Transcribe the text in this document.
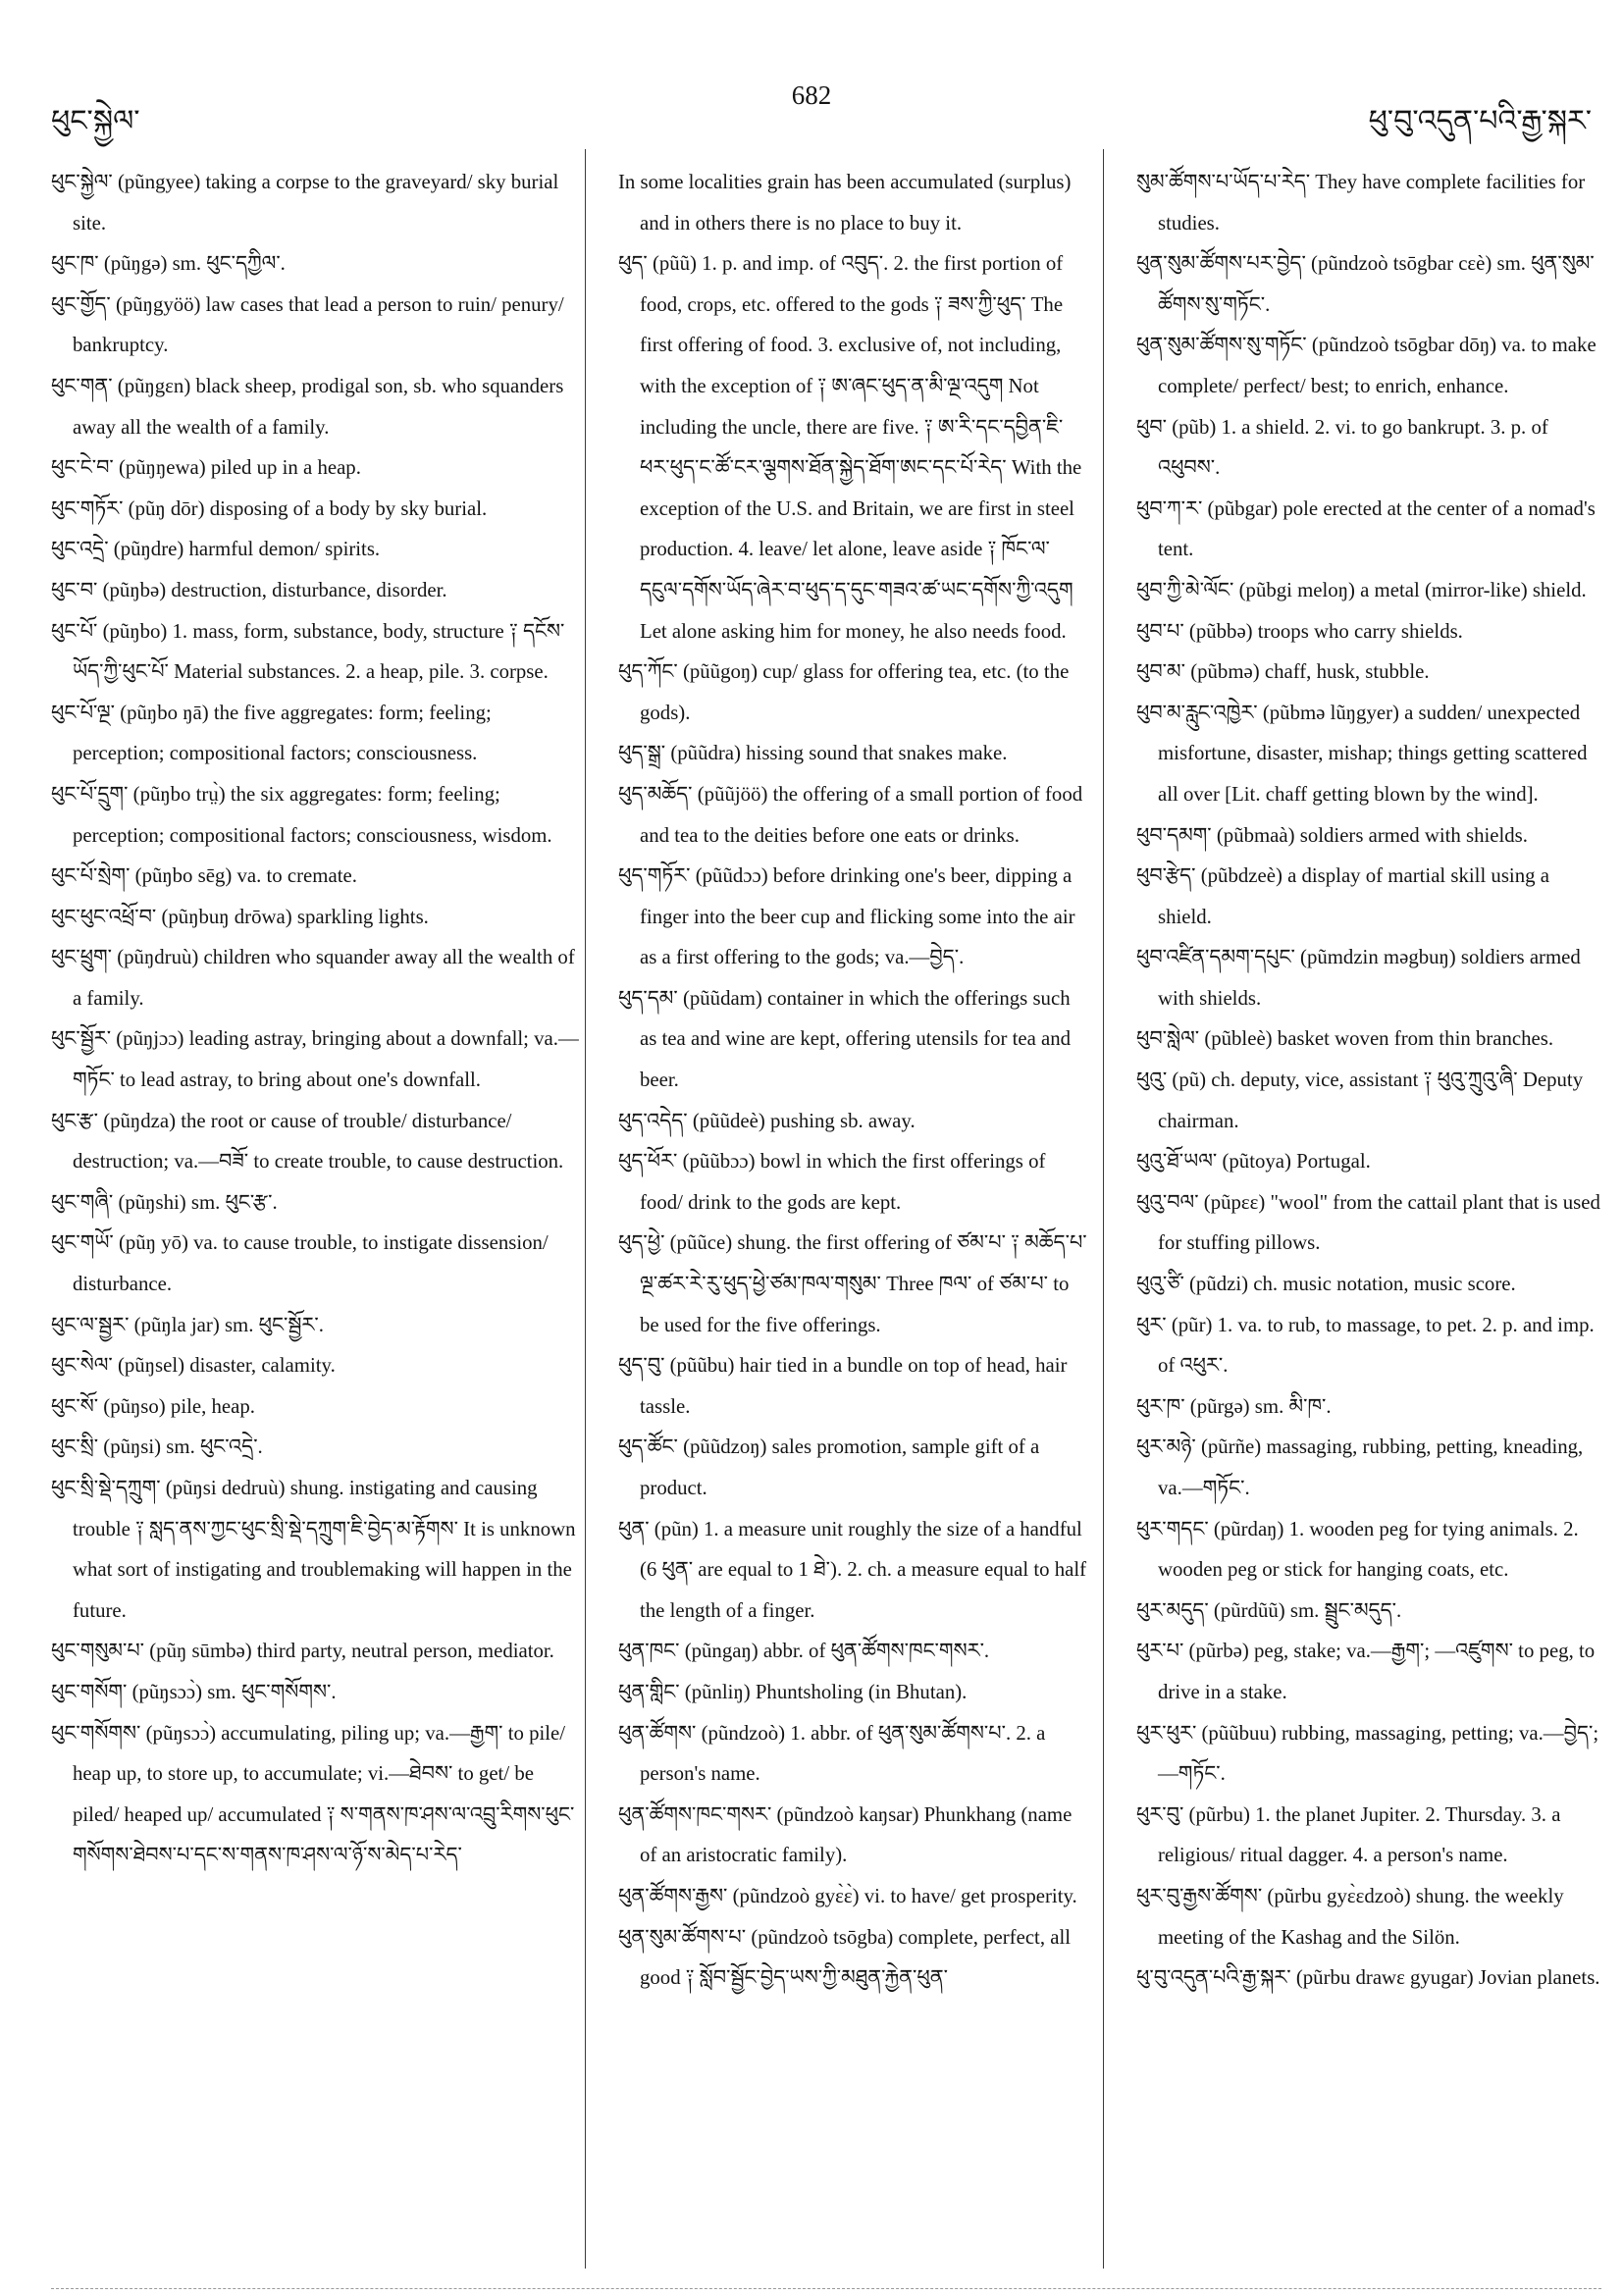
ཕུང་སྐྱེལ་
682
ཕུ་བུ་འདུན་པའི་རྒྱ་སྐར་

ཕུང་སྐྱེལ་ (pũngyee) taking a corpse to the graveyard/ sky burial site.

ཕུང་ཁ་ (pũŋgə) sm. ཕུང་དཀྱིལ་.

ཕུང་གྱོད་ (pũŋgyöö) law cases that lead a person to ruin/ penury/ bankruptcy.

ཕུང་གན་ (pũŋgɛn) black sheep, prodigal son, sb. who squanders away all the wealth of a family.

ཕུང་ངེ་བ་ (pũŋŋewa) piled up in a heap.

ཕུང་གཏོར་ (pũŋ dōr) disposing of a body by sky burial.

ཕུང་འདྲེ་ (pũŋdre) harmful demon/ spirits.

ཕུང་བ་ (pũŋbə) destruction, disturbance, disorder.

ཕུང་པོ་ (pũŋbo) 1. mass, form, substance, body, structure ༑ དངོས་ཡོད་ཀྱི་ཕུང་པོ་ Material substances. 2. a heap, pile. 3. corpse.

ཕུང་པོ་ལྔ་ (pũŋbo ŋā) the five aggregates: form; feeling; perception; compositional factors; consciousness.

ཕུང་པོ་དྲུག་ (pũŋbo trṳ̀) the six aggregates: form; feeling; perception; compositional factors; consciousness, wisdom.

ཕུང་པོ་སྲེག་ (pũŋbo sēg) va. to cremate.

ཕུང་ཕུང་འཕྲོ་བ་ (pũŋbuŋ drōwa) sparkling lights.

ཕུང་ཕྲུག་ (pũŋdruù) children who squander away all the wealth of a family.

ཕུང་སྦྱོར་ (pũŋjɔɔ) leading astray, bringing about a downfall; va.—གཏོང་ to lead astray, to bring about one's downfall.

ཕུང་རྩ་ (pũŋdza) the root or cause of trouble/ disturbance/ destruction; va.—བཟོ་ to create trouble, to cause destruction.

ཕུང་གཞི་ (pũŋshi) sm. ཕུང་རྩ་.

ཕུང་གཡོ་ (pũŋ yō) va. to cause trouble, to instigate dissension/ disturbance.

ཕུང་ལ་སྦྱར་ (pũŋla jar) sm. ཕུང་སྦྱོར་.

ཕུང་སེལ་ (pũŋsel) disaster, calamity.

ཕུང་སོ་ (pũŋso) pile, heap.

ཕུང་སྲི་ (pũŋsi) sm. ཕུང་འདྲེ་.

ཕུང་སྲི་སྡེ་དཀྲུག་ (pũŋsi dedruù) shung. instigating and causing trouble ༑ སླད་ནས་ཀྱང་ཕུང་སྲི་སྡེ་དཀྲུག་ཇི་བྱེད་མ་རྟོགས་ It is unknown what sort of instigating and troublemaking will happen in the future.

ཕུང་གསུམ་པ་ (pũŋ sūmbə) third party, neutral person, mediator.

ཕུང་གསོག་ (pũŋsɔɔ̀) sm. ཕུང་གསོགས་.

ཕུང་གསོགས་ (pũŋsɔɔ̀) accumulating, piling up; va.—རྒྱག་ to pile/ heap up, to store up, to accumulate; vi.—ཐེབས་ to get/ be piled/ heaped up/ accumulated ༑ ས་གནས་ཁ་ཤས་ལ་འབྲུ་རིགས་ཕུང་གསོགས་ཐེབས་པ་དང་ས་གནས་ཁ་ཤས་ལ་ཉོ་ས་མེད་པ་རེད་

In some localities grain has been accumulated (surplus) and in others there is no place to buy it.

ཕུད་ (pũũ) 1. p. and imp. of འབུད་. 2. the first portion of food, crops, etc. offered to the gods ༑ ཟས་ཀྱི་ཕུད་ The first offering of food. 3. exclusive of, not including, with the exception of ༑ ཨ་ཞང་ཕུད་ན་མི་ལྔ་འདུག Not including the uncle, there are five. ༑ ཨ་རི་དང་དབྱིན་ཇི་ཕར་ཕུད་ང་ཚོ་ངར་ལྕགས་ཐོན་སྐྱེད་ཐོག་ཨང་དང་པོ་རེད་ With the exception of the U.S. and Britain, we are first in steel production. 4. leave/ let alone, leave aside ༑ ཁོང་ལ་དངུལ་དགོས་ཡོད་ཞེར་བ་ཕུད་ད་དུང་གཟའ་ཚ་ཡང་དགོས་ཀྱི་འདུག Let alone asking him for money, he also needs food.

ཕུད་ཀོང་ (pũũgoŋ) cup/ glass for offering tea, etc. (to the gods).

ཕུད་སྒྲ་ (pũũdra) hissing sound that snakes make.

ཕུད་མཆོད་ (pũũjöö) the offering of a small portion of food and tea to the deities before one eats or drinks.

ཕུད་གཏོར་ (pũũdɔɔ) before drinking one's beer, dipping a finger into the beer cup and flicking some into the air as a first offering to the gods; va.—བྱེད་.

ཕུད་དམ་ (pũũdam) container in which the offerings such as tea and wine are kept, offering utensils for tea and beer.

ཕུད་འདེད་ (pũũdeè) pushing sb. away.

ཕུད་ཕོར་ (pũũbɔɔ) bowl in which the first offerings of food/ drink to the gods are kept.

ཕུད་ཕྱེ་ (pũũce) shung. the first offering of ཙམ་པ་ ༑ མཆོད་པ་ལྔ་ཚར་རེ་རུ་ཕུད་ཕྱེ་ཙམ་ཁལ་གསུམ་ Three ཁལ་ of ཙམ་པ་ to be used for the five offerings.

ཕུད་བུ་ (pũũbu) hair tied in a bundle on top of head, hair tassle.

ཕུད་ཚོང་ (pũũdzoŋ) sales promotion, sample gift of a product.

ཕུན་ (pũn) 1. a measure unit roughly the size of a handful (6 ཕུན་ are equal to 1 ཐེ་). 2. ch. a measure equal to half the length of a finger.

ཕུན་ཁང་ (pũngaŋ) abbr. of ཕུན་ཚོགས་ཁང་གསར་.

ཕུན་གླིང་ (pũnliŋ) Phuntsholing (in Bhutan).

ཕུན་ཚོགས་ (pũndzoò) 1. abbr. of ཕུན་སུམ་ཚོགས་པ་. 2. a person's name.

ཕུན་ཚོགས་ཁང་གསར་ (pũndzoò kaŋsar) Phunkhang (name of an aristocratic family).

ཕུན་ཚོགས་རྒྱས་ (pũndzoò gyɛ̀ɛ̀) vi. to have/ get prosperity.

ཕུན་སུམ་ཚོགས་པ་ (pũndzoò tsōgba) complete, perfect, all good ༑ སློབ་སྦྱོང་བྱེད་ཡས་ཀྱི་མཐུན་རྐྱེན་ཕུན་

སུམ་ཚོགས་པ་ཡོད་པ་རེད་ They have complete facilities for studies.

ཕུན་སུམ་ཚོགས་པར་བྱེད་ (pũndzoò tsōgbar cɛè) sm. ཕུན་སུམ་ཚོགས་སུ་གཏོང་.

ཕུན་སུམ་ཚོགས་སུ་གཏོང་ (pũndzoò tsōgbar dōŋ) va. to make complete/ perfect/ best; to enrich, enhance.

ཕུབ་ (pũb) 1. a shield. 2. vi. to go bankrupt. 3. p. of འཕུབས་.

ཕུབ་ཀ་ར་ (pũbgar) pole erected at the center of a nomad's tent.

ཕུབ་ཀྱི་མེ་ལོང་ (pũbgi meloŋ) a metal (mirror-like) shield.

ཕུབ་པ་ (pũbbə) troops who carry shields.

ཕུབ་མ་ (pũbmə) chaff, husk, stubble.

ཕུབ་མ་རླུང་འཁྱེར་ (pũbmə lũŋgyer) a sudden/ unexpected misfortune, disaster, mishap; things getting scattered all over [Lit. chaff getting blown by the wind].

ཕུབ་དམག་ (pũbmaà) soldiers armed with shields.

ཕུབ་རྩེད་ (pũbdzeè) a display of martial skill using a shield.

ཕུབ་འཛིན་དམག་དཔུང་ (pũmdzin məgbuŋ) soldiers armed with shields.

ཕུབ་སླེལ་ (pũbleè) basket woven from thin branches.

ཕུའུ་ (pũ) ch. deputy, vice, assistant ༑ ཕུའུ་ཀྲུའུ་ཞི་ Deputy chairman.

ཕུའུ་ཐོ་ཡལ་ (pũtoya) Portugal.

ཕུའུ་བལ་ (pũpɛɛ) "wool" from the cattail plant that is used for stuffing pillows.

ཕུའུ་ཙི་ (pũdzi) ch. music notation, music score.

ཕུར་ (pũr) 1. va. to rub, to massage, to pet. 2. p. and imp. of འཕུར་.

ཕུར་ཁ་ (pũrgə) sm. མི་ཁ་.

ཕུར་མཉེ་ (pũrñe) massaging, rubbing, petting, kneading, va.—གཏོང་.

ཕུར་གདང་ (pũrdaŋ) 1. wooden peg for tying animals. 2. wooden peg or stick for hanging coats, etc.

ཕུར་མདུད་ (pũrdũũ) sm. སྦྲུང་མདུད་.

ཕུར་པ་ (pũrbə) peg, stake; va.—རྒྱག་; —འཛུགས་ to peg, to drive in a stake.

ཕུར་ཕུར་ (pũũbuu) rubbing, massaging, petting; va.—བྱེད་; —གཏོང་.

ཕུར་བུ་ (pũrbu) 1. the planet Jupiter. 2. Thursday. 3. a religious/ ritual dagger. 4. a person's name.

ཕུར་བུ་རྒྱས་ཚོགས་ (pũrbu gyɛ̀ɛdzoò) shung. the weekly meeting of the Kashag and the Silön.

ཕུ་བུ་འདུན་པའི་རྒྱ་སྐར་ (pũrbu drawɛ gyugar) Jovian planets.
